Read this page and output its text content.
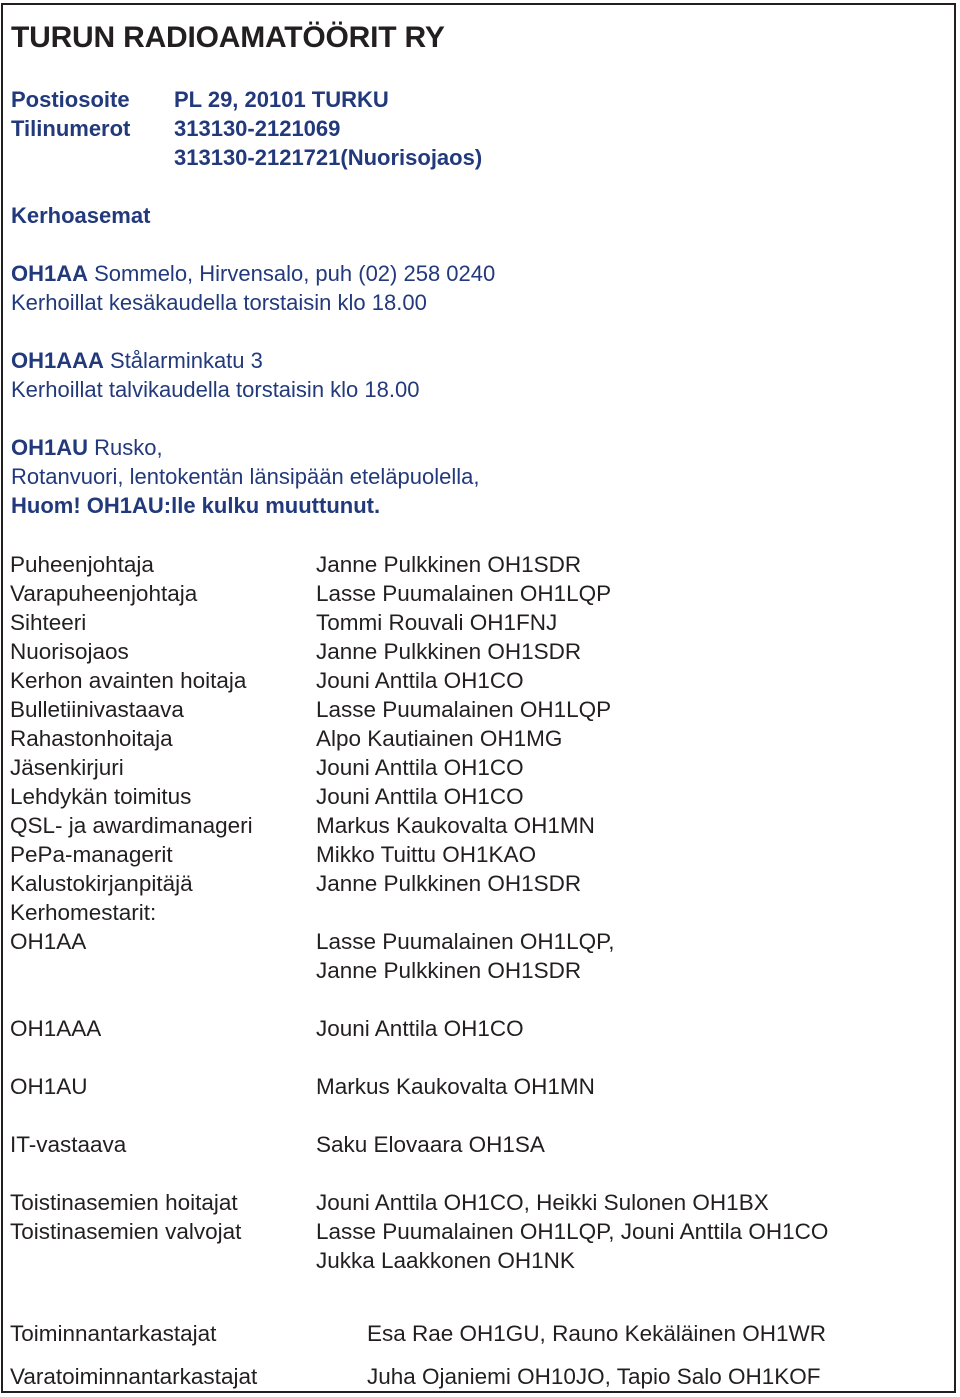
TURUN RADIOAMATÖÖRIT RY
Postiosoite PL 29, 20101 TURKU
Tilinumerot 313130-2121069
313130-2121721(Nuorisojaos)
Kerhoasemat
OH1AA Sommelo, Hirvensalo, puh (02) 258 0240
Kerhoillat kesäkaudella torstaisin klo 18.00
OH1AAA Stålarminkatu 3
Kerhoillat talvikaudella torstaisin klo 18.00
OH1AU Rusko,
Rotanvuori, lentokentän länsipään eteläpuolella,
Huom! OH1AU:lle kulku muuttunut.
Puheenjohtaja	Janne Pulkkinen OH1SDR
Varapuheenjohtaja	Lasse Puumalainen OH1LQP
Sihteeri	Tommi Rouvali OH1FNJ
Nuorisojaos	Janne Pulkkinen OH1SDR
Kerhon avainten hoitaja	Jouni Anttila OH1CO
Bulletiinivastaava	Lasse Puumalainen OH1LQP
Rahastonhoitaja	Alpo Kautiainen OH1MG
Jäsenkirjuri	Jouni Anttila OH1CO
Lehdykän toimitus	Jouni Anttila OH1CO
QSL- ja awardimanageri	Markus Kaukovalta OH1MN
PePa-managerit	Mikko Tuittu OH1KAO
Kalustokirjanpitäjä	Janne Pulkkinen OH1SDR
Kerhomestarit:
OH1AA	Lasse Puumalainen OH1LQP,
Janne Pulkkinen OH1SDR
OH1AAA	Jouni Anttila OH1CO
OH1AU	Markus Kaukovalta OH1MN
IT-vastaava	Saku Elovaara OH1SA
Toistinasemien hoitajat	Jouni Anttila OH1CO, Heikki Sulonen OH1BX
Toistinasemien valvojat	Lasse Puumalainen OH1LQP, Jouni Anttila OH1CO
Jukka Laakkonen OH1NK
Toiminnantarkastajat	Esa Rae OH1GU, Rauno Kekäläinen OH1WR
Varatoiminnantarkastajat	Juha Ojaniemi OH10JO, Tapio Salo OH1KOF
